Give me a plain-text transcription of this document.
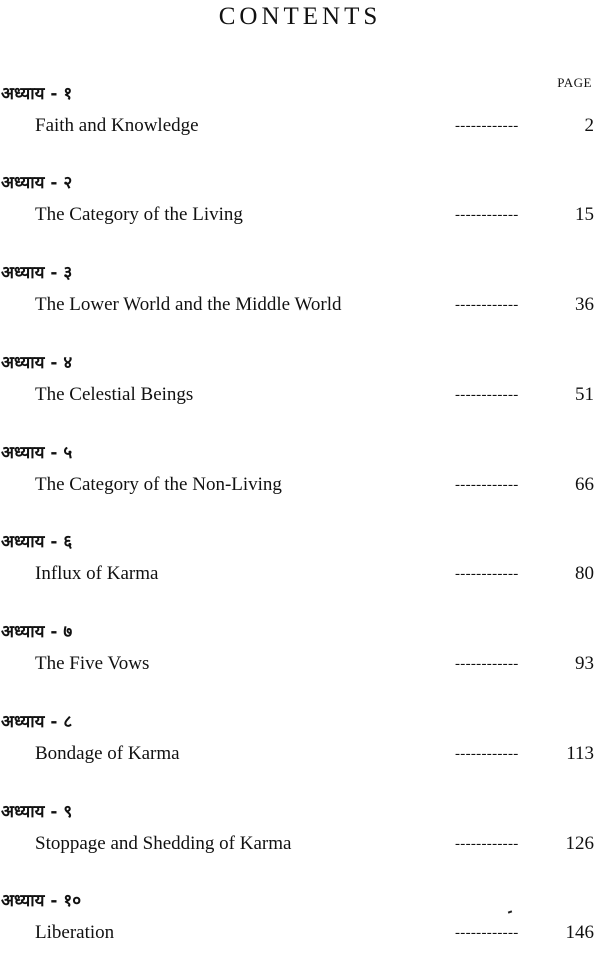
CONTENTS
PAGE
अध्याय - १
Faith and Knowledge	------------	2
अध्याय - २
The Category of the Living	------------	15
अध्याय - ३
The Lower World and the Middle World	------------	36
अध्याय - ४
The Celestial Beings	------------	51
अध्याय - ५
The Category of the Non-Living	------------	66
अध्याय - ६
Influx of Karma	------------	80
अध्याय - ७
The Five Vows	------------	93
अध्याय - ८
Bondage of Karma	------------	113
अध्याय - ९
Stoppage and Shedding of Karma	------------	126
अध्याय - १०
Liberation	------------	146
